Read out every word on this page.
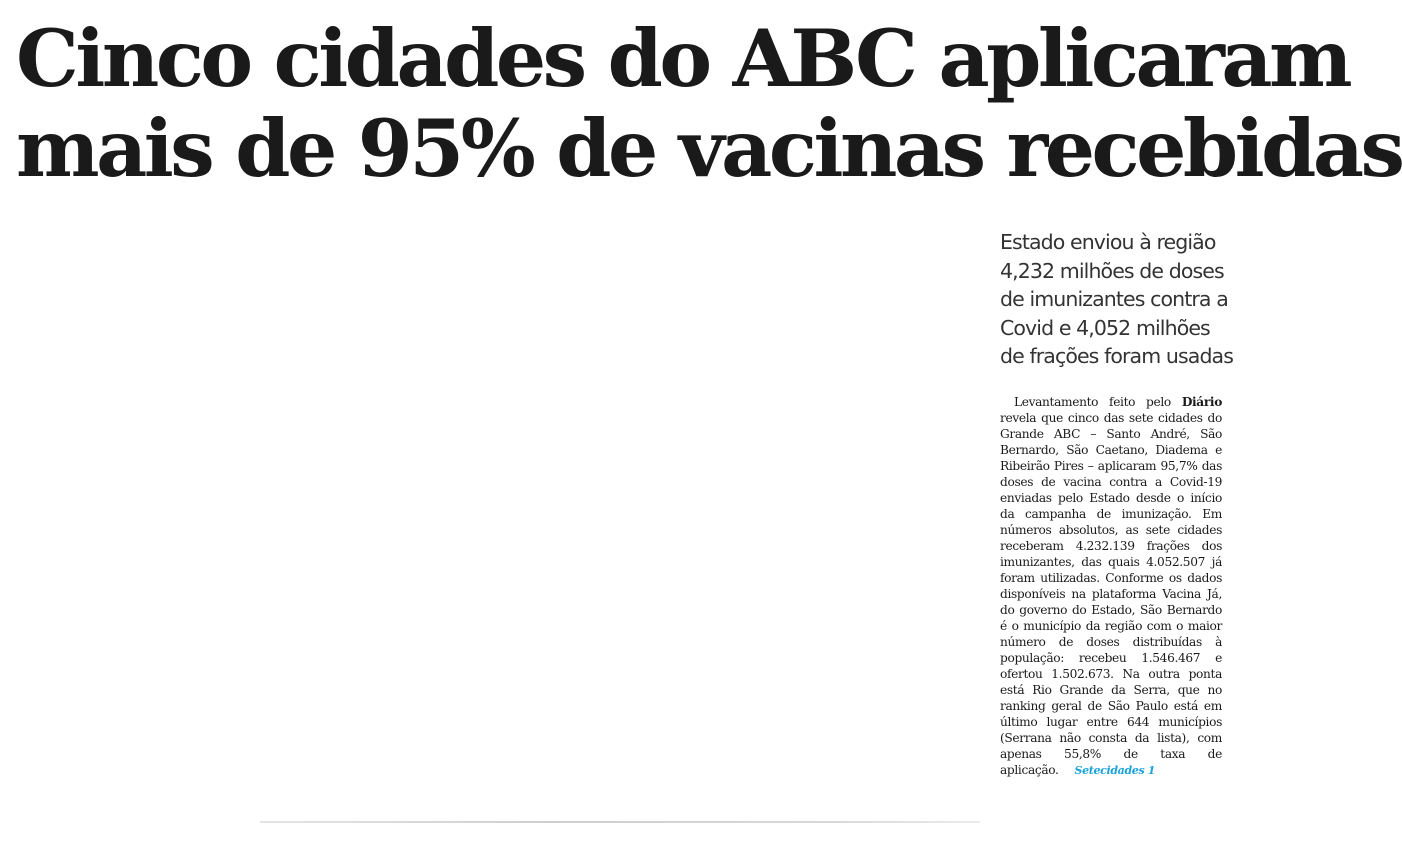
Cinco cidades do ABC aplicaram
mais de 95% de vacinas recebidas
Estado enviou à região
4,232 milhões de doses
de imunizantes contra a
Covid e 4,052 milhões
de frações foram usadas

Levantamento feito pelo Diário revela que cinco das sete cidades do Grande ABC – Santo André, São Bernardo, São Caetano, Diadema e Ribeirão Pires – aplicaram 95,7% das doses de vacina contra a Covid-19 enviadas pelo Estado desde o início da campanha de imunização. Em números absolutos, as sete cidades receberam 4.232.139 frações dos imunizantes, das quais 4.052.507 já foram utilizadas. Conforme os dados disponíveis na plataforma Vacina Já, do governo do Estado, São Bernardo é o município da região com o maior número de doses distribuídas à população: recebeu 1.546.467 e ofertou 1.502.673. Na outra ponta está Rio Grande da Serra, que no ranking geral de São Paulo está em último lugar entre 644 municípios (Serrana não consta da lista), com apenas 55,8% de taxa de aplicação. Setecidades 1
